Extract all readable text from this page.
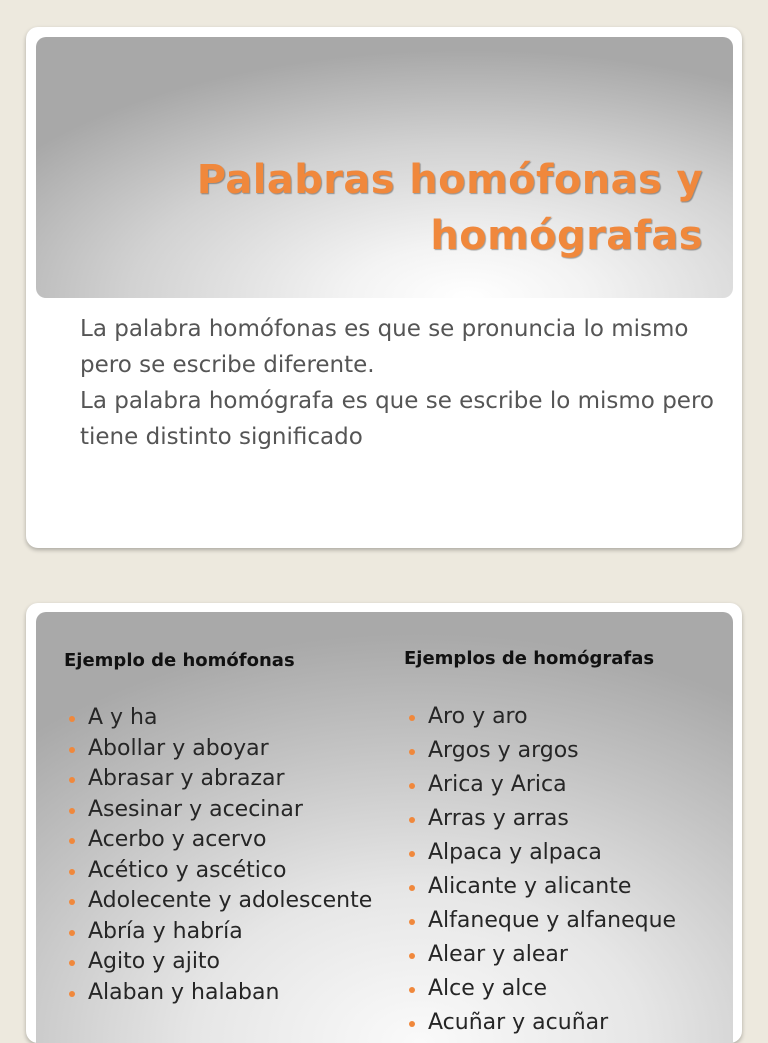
Palabras homófonas y homógrafas

La palabra homófonas es que se pronuncia lo mismo pero se escribe diferente.

La palabra homógrafa es que se escribe lo mismo pero tiene distinto significado

Ejemplo de homófonas
A y ha
Abollar y aboyar
Abrasar y abrazar
Asesinar y acecinar
Acerbo y acervo
Acético y ascético
Adolecente y adolescente
Abría y habría
Agito y ajito
Alaban y halaban
Ejemplos de homógrafas
Aro y aro
Argos y argos
Arica y Arica
Arras y arras
Alpaca y alpaca
Alicante y alicante
Alfaneque y alfaneque
Alear y alear
Alce y alce
Acuñar y acuñar
